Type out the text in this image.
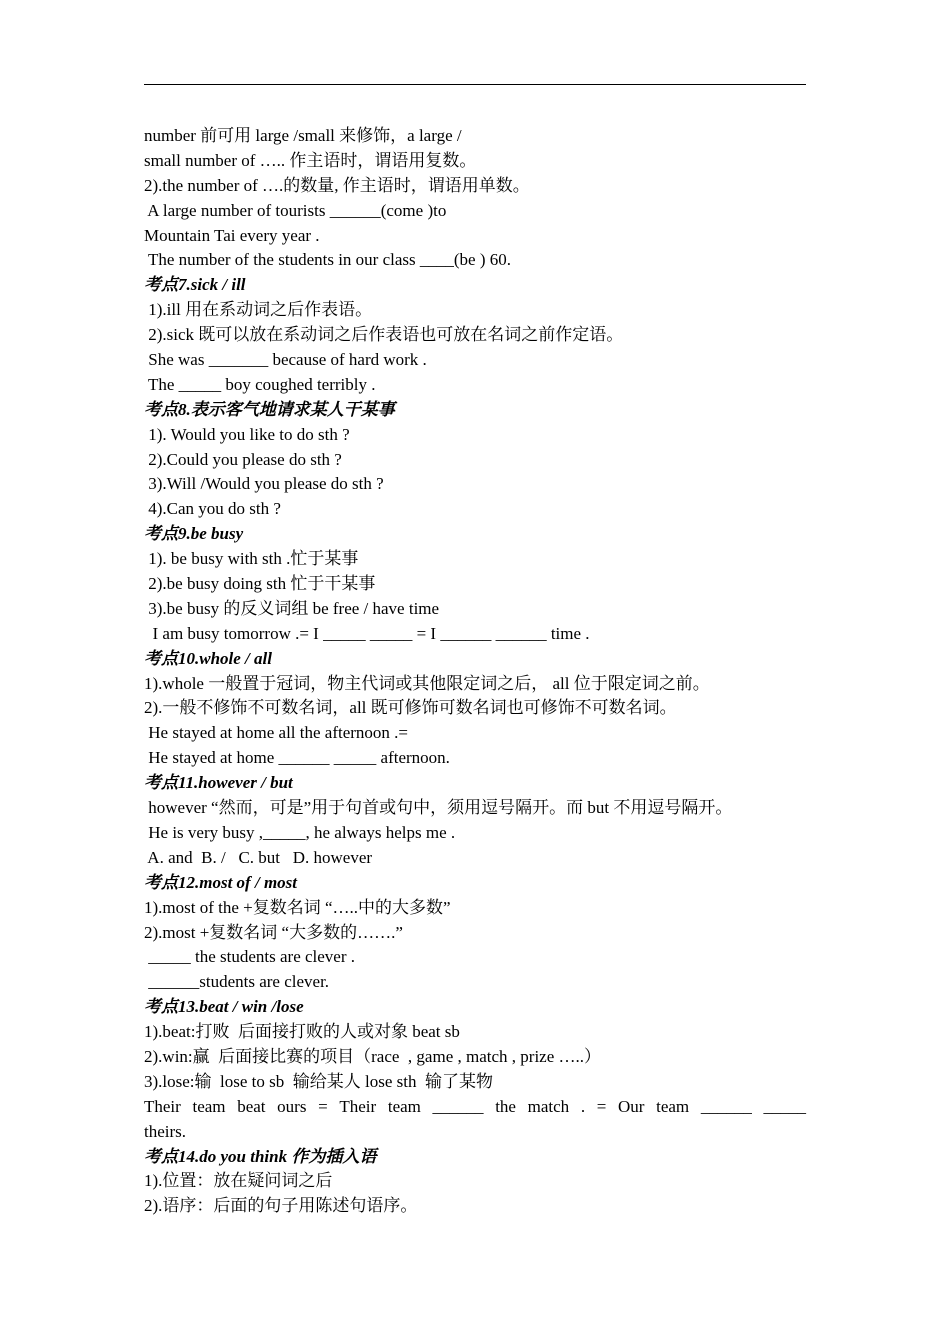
number 前可用 large /small 来修饰，a large /
small number of ….. 作主语时，谓语用复数。
2).the number of ….的数量, 作主语时，谓语用单数。
A large number of tourists ______(come )to
Mountain Tai every year .
The number of the students in our class ____(be ) 60.
考点7.sick / ill
1).ill 用在系动词之后作表语。
2).sick 既可以放在系动词之后作表语也可放在名词之前作定语。
She was _______ because of hard work .
The _____ boy coughed terribly .
考点8.表示客气地请求某人干某事
1). Would you like to do sth ?
2).Could you please do sth ?
3).Will /Would you please do sth ?
4).Can you do sth ?
考点9.be busy
1). be busy with sth .忙于某事
2).be busy doing sth 忙于干某事
3).be busy 的反义词组 be free / have time
I am busy tomorrow .= I _____ _____ = I ______ ______ time .
考点10.whole / all
1).whole 一般置于冠词，物主代词或其他限定词之后， all 位于限定词之前。
2).一般不修饰不可数名词，all 既可修饰可数名词也可修饰不可数名词。
He stayed at home all the afternoon .=
He stayed at home ______ _____ afternoon.
考点11.however / but
however “然而，可是”用于句首或句中，须用逗号隔开。而 but 不用逗号隔开。
He is very busy ,_____, he always helps me .
A. and  B. /   C. but   D. however
考点12.most of / most
1).most of the +复数名词 “…..中的大多数”
2).most +复数名词 “大多数的…….”
_____ the students are clever .
______students are clever.
考点13.beat / win /lose
1).beat:打败  后面接打败的人或对象 beat sb
2).win:赢  后面接比赛的项目（race  , game , match , prize …..）
3).lose:输  lose to sb  输给某人 lose sth  输了某物
Their team beat ours = Their team ______ the match . = Our team ______ _____
theirs.
考点14.do you think 作为插入语
1).位置：放在疑问词之后
2).语序：后面的句子用陈述句语序。
